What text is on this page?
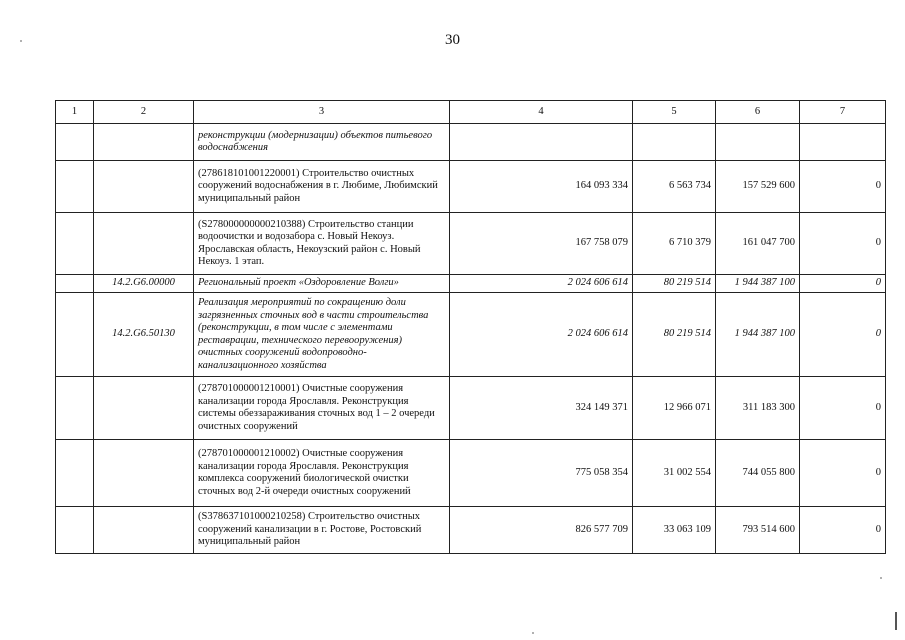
30
1	2	3	4	5	6	7
		реконструкции (модернизации) объектов питьевого водоснабжения				
		(278618101001220001) Строительство очистных сооружений водоснабжения в г. Любиме, Любимский муниципальный район	164 093 334	6 563 734	157 529 600	0
		(S278000000000210388) Строительство станции водоочистки и водозабора с. Новый Некоуз. Ярославская область, Некоузский район с. Новый Некоуз. 1 этап.	167 758 079	6 710 379	161 047 700	0
	14.2.G6.00000	Региональный проект «Оздоровление Волги»	2 024 606 614	80 219 514	1 944 387 100	0
	14.2.G6.50130	Реализация мероприятий по сокращению доли загрязненных сточных вод в части строительства (реконструкции, в том числе с элементами реставрации, технического перевооружения) очистных сооружений водопроводно-канализационного хозяйства	2 024 606 614	80 219 514	1 944 387 100	0
		(278701000001210001) Очистные сооружения канализации города Ярославля. Реконструкция системы обеззараживания сточных вод 1 – 2 очереди очистных сооружений	324 149 371	12 966 071	311 183 300	0
		(278701000001210002) Очистные сооружения канализации города Ярославля. Реконструкция комплекса сооружений биологической очистки сточных вод 2-й очереди очистных сооружений	775 058 354	31 002 554	744 055 800	0
		(S378637101000210258) Строительство очистных сооружений канализации в г. Ростове, Ростовский муниципальный район	826 577 709	33 063 109	793 514 600	0
